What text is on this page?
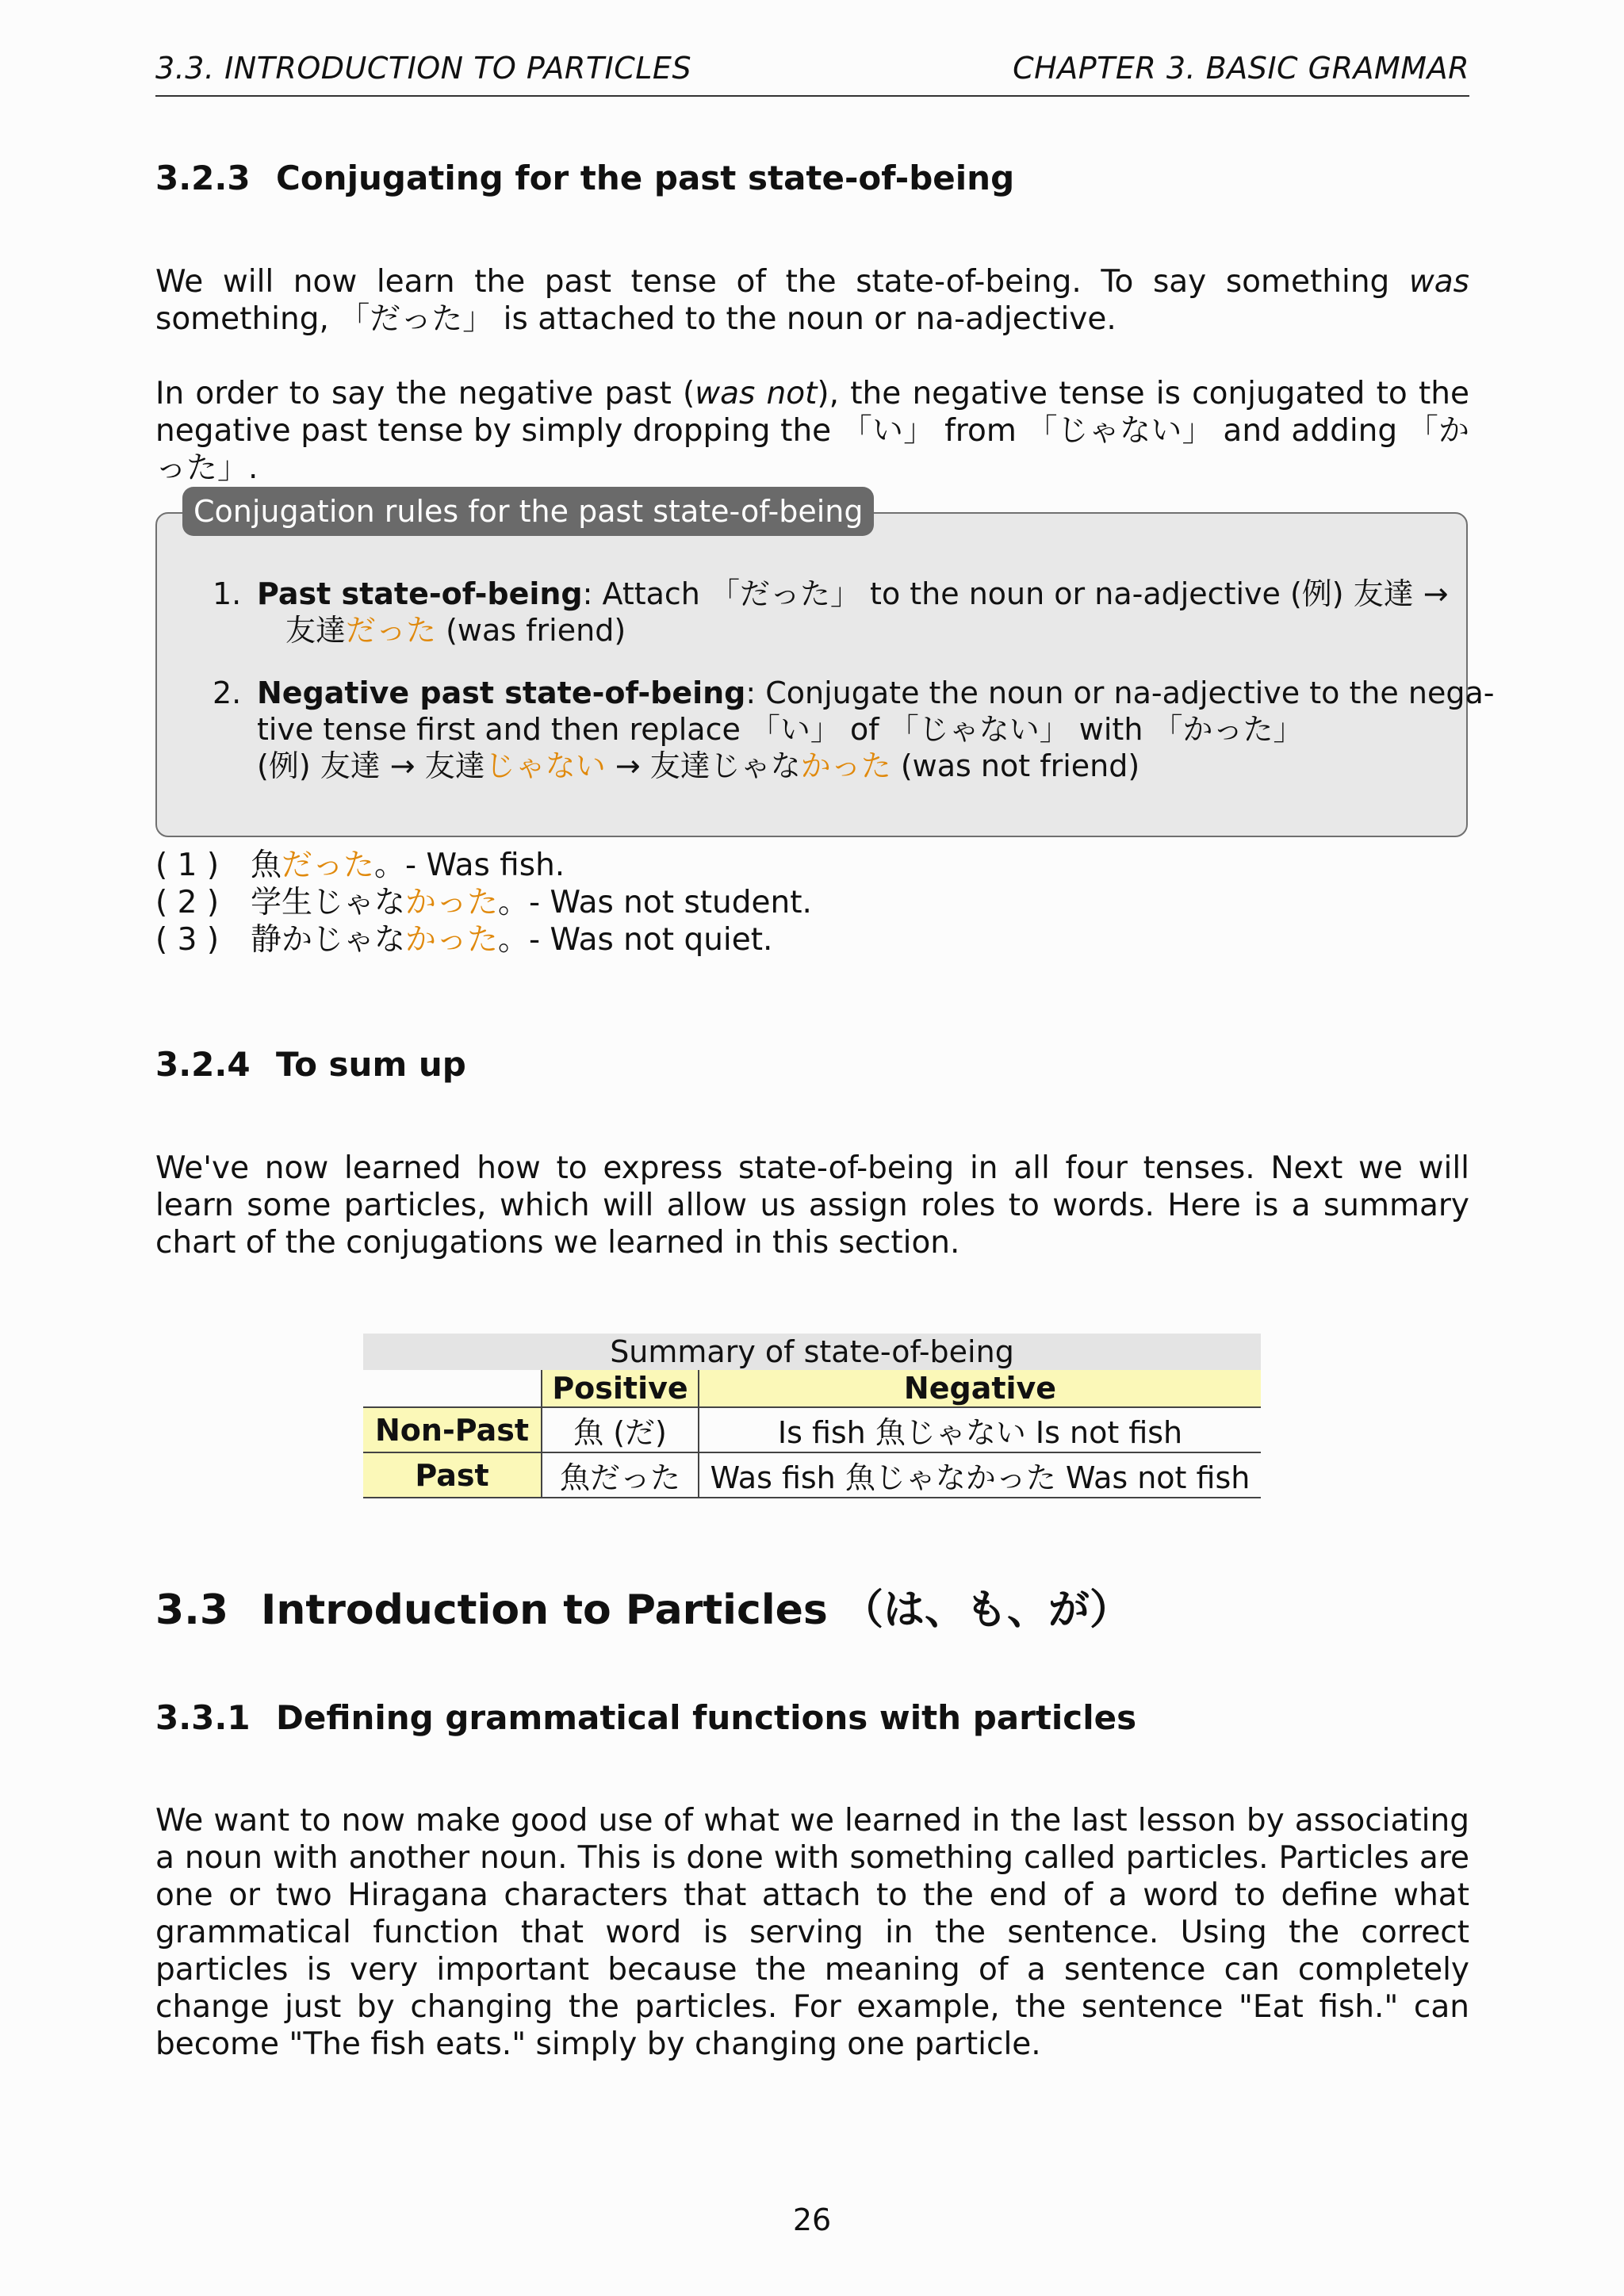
3.3. INTRODUCTION TO PARTICLES	CHAPTER 3. BASIC GRAMMAR
3.2.3 Conjugating for the past state-of-being
We will now learn the past tense of the state-of-being. To say something was something, 「だった」 is attached to the noun or na-adjective.
In order to say the negative past (was not), the negative tense is conjugated to the negative past tense by simply dropping the 「い」 from 「じゃない」 and adding 「かった」.
Conjugation rules for the past state-of-being
1. Past state-of-being: Attach 「だった」 to the noun or na-adjective (例) 友達 →
友達だった (was friend)
2. Negative past state-of-being: Conjugate the noun or na-adjective to the nega-
tive tense first and then replace 「い」 of 「じゃない」 with 「かった」
(例) 友達 → 友達じゃない → 友達じゃなかった (was not friend)
( 1 ) 魚だった。- Was fish.
( 2 ) 学生じゃなかった。- Was not student.
( 3 ) 静かじゃなかった。- Was not quiet.
3.2.4 To sum up
We've now learned how to express state-of-being in all four tenses. Next we will learn some particles, which will allow us assign roles to words. Here is a summary chart of the conjugations we learned in this section.
Summary of state-of-being		
	Positive	Negative
Non-Past	魚 (だ)	Is fish 魚じゃない Is not fish
Past	魚だった	Was fish 魚じゃなかった Was not fish
3.3 Introduction to Particles （は、も、が）
3.3.1 Defining grammatical functions with particles
We want to now make good use of what we learned in the last lesson by associating a noun with another noun. This is done with something called particles. Particles are one or two Hiragana characters that attach to the end of a word to define what grammatical function that word is serving in the sentence. Using the correct particles is very important because the meaning of a sentence can completely change just by changing the particles. For example, the sentence "Eat fish." can become "The fish eats." simply by changing one particle.
26
